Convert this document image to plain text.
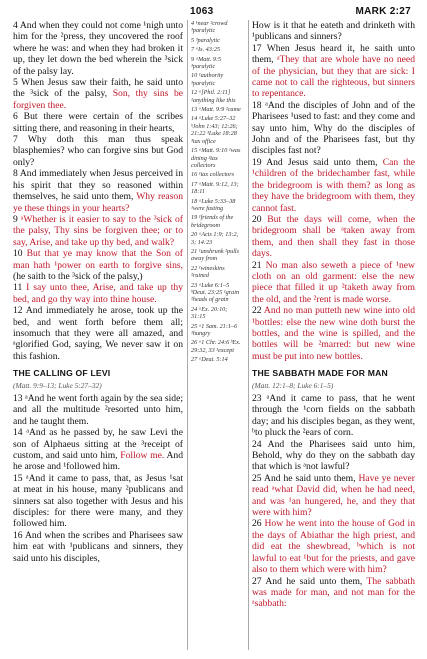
1063	MARK 2:27

4 And when they could not come ¹nigh unto him for the ²press, they uncovered the roof where he was: and when they had broken it up, they let down the bed wherein the ³sick of the palsy lay.

5 When Jesus saw their faith, he said unto the ³sick of the palsy, Son, thy sins be forgiven thee.

6 But there were certain of the scribes sitting there, and reasoning in their hearts,

7 Why doth this man thus speak blasphemies? who can forgive sins but God only?

8 And immediately when Jesus perceived in his spirit that they so reasoned within themselves, he said unto them, Why reason ye these things in your hearts?

9 ᵃWhether is it easier to say to the ³sick of the palsy, Thy sins be forgiven thee; or to say, Arise, and take up thy bed, and walk?

10 But that ye may know that the Son of man hath ¹power on earth to forgive sins, (he saith to the ³sick of the palsy,)

11 I say unto thee, Arise, and take up thy bed, and go thy way into thine house.

12 And immediately he arose, took up the bed, and went forth before them all; insomuch that they were all amazed, and ᵃglorified God, saying, We never saw it on this fashion.

THE CALLING OF LEVI

(Matt. 9:9–13; Luke 5:27–32)

13 ᵃAnd he went forth again by the sea side; and all the multitude ²resorted unto him, and he taught them.

14 ᵃAnd as he passed by, he saw Levi the son of Alphaeus sitting at the ³receipt of custom, and said unto him, Follow me. And he arose and ¹followed him.

15 ᵃAnd it came to pass, that, as Jesus ¹sat at meat in his house, many ²publicans and sinners sat also together with Jesus and his disciples: for there were many, and they followed him.

16 And when the scribes and Pharisees saw him eat with ¹publicans and sinners, they said unto his disciples,

4 ¹near ²crowd ³paralytic

5 ³paralytic

7 ᵃIs. 43:25

9 ᵃMatt. 9:5 ³paralytic

10 ¹authority ³paralytic

12 ᵃ[Phil. 2:11] ¹anything like this

13 ᵃMatt. 9:9 ²came

14 ᵃLuke 5:27–32 ᵇJohn 1:43; 12:26; 21:22 ³Luke 18:28 ³tax office

15 ᵃMatt. 9:10 ¹was dining ²tax collectors

16 ¹tax collectors

17 ᵃMatt. 9:12, 13; 18:11

18 ᵃLuke 5:33–38 ¹were fasting

19 ¹friends of the bridegroom

20 ᵃActs 1:9; 13:2, 3; 14:23

21 ¹unshrunk ²pulls away from

22 ¹wineskins ²ruined

23 ᵃLuke 6:1–5 ᵇDeut. 23:25 ¹grain ²heads of grain

24 ᵃEx. 20:10; 31:15

25 ᵃ1 Sam. 21:1–6 ¹hungry

26 ᵃ1 Chr. 24:6 ᵇEx. 29:32, 33 ¹except

27 ᵃDeut. 5:14

How is it that he eateth and drinketh with ¹publicans and sinners?

17 When Jesus heard it, he saith unto them, ᵃThey that are whole have no need of the physician, but they that are sick: I came not to call the righteous, but sinners to repentance.

18 ᵃAnd the disciples of John and of the Pharisees ¹used to fast: and they come and say unto him, Why do the disciples of John and of the Pharisees fast, but thy disciples fast not?

19 And Jesus said unto them, Can the ¹children of the bridechamber fast, while the bridegroom is with them? as long as they have the bridegroom with them, they cannot fast.

20 But the days will come, when the bridegroom shall be ᵃtaken away from them, and then shall they fast in those days.

21 No man also seweth a piece of ¹new cloth on an old garment: else the new piece that filled it up ²taketh away from the old, and the ²rent is made worse.

22 And no man putteth new wine into old ¹bottles: else the new wine doth burst the bottles, and the wine is spilled, and the bottles will be ²marred: but new wine must be put into new bottles.

THE SABBATH MADE FOR MAN

(Matt. 12:1–8; Luke 6:1–5)

23 ᵃAnd it came to pass, that he went through the ¹corn fields on the sabbath day; and his disciples began, as they went, ᵇto pluck the ²ears of corn.

24 And the Pharisees said unto him, Behold, why do they on the sabbath day that which is ᵃnot lawful?

25 And he said unto them, Have ye never read ᵃwhat David did, when he had need, and was ¹an hungered, he, and they that were with him?

26 How he went into the house of God in the days of Abiathar the high priest, and did eat the shewbread, ᵇwhich is not lawful to eat ¹but for the priests, and gave also to them which were with him?

27 And he said unto them, The sabbath was made for man, and not man for the ᵃsabbath:
